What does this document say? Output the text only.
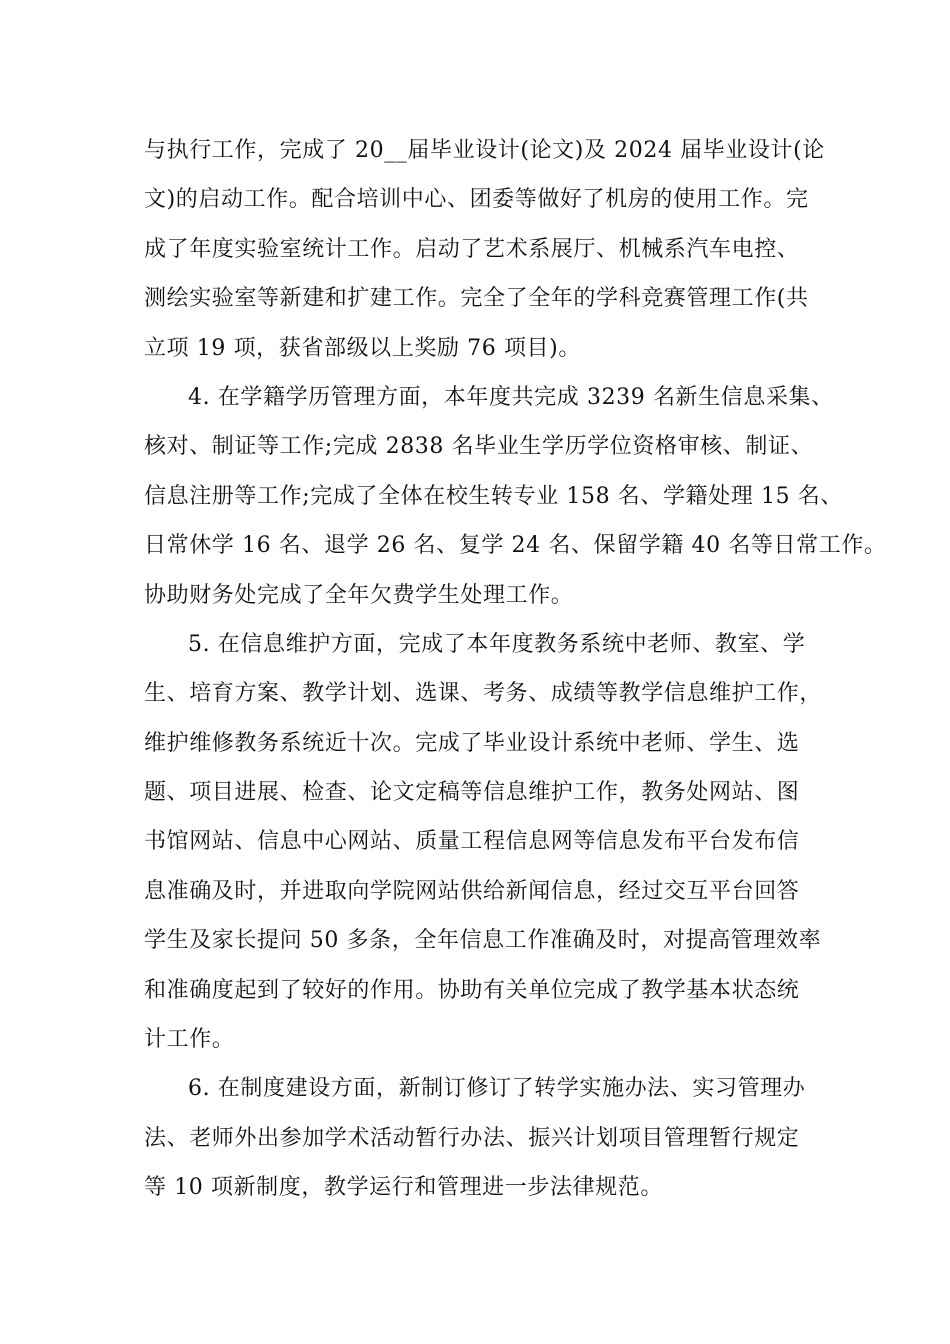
与执行工作，完成了 20__届毕业设计(论文)及 2024 届毕业设计(论
文)的启动工作。配合培训中心、团委等做好了机房的使用工作。完
成了年度实验室统计工作。启动了艺术系展厅、机械系汽车电控、
测绘实验室等新建和扩建工作。完全了全年的学科竞赛管理工作(共
立项 19 项，获省部级以上奖励 76 项目)。
4. 在学籍学历管理方面，本年度共完成 3239 名新生信息采集、
核对、制证等工作;完成 2838 名毕业生学历学位资格审核、制证、
信息注册等工作;完成了全体在校生转专业 158 名、学籍处理 15 名、
日常休学 16 名、退学 26 名、复学 24 名、保留学籍 40 名等日常工作。
协助财务处完成了全年欠费学生处理工作。
5. 在信息维护方面，完成了本年度教务系统中老师、教室、学
生、培育方案、教学计划、选课、考务、成绩等教学信息维护工作，
维护维修教务系统近十次。完成了毕业设计系统中老师、学生、选
题、项目进展、检查、论文定稿等信息维护工作，教务处网站、图
书馆网站、信息中心网站、质量工程信息网等信息发布平台发布信
息准确及时，并进取向学院网站供给新闻信息，经过交互平台回答
学生及家长提问 50 多条，全年信息工作准确及时，对提高管理效率
和准确度起到了较好的作用。协助有关单位完成了教学基本状态统
计工作。
6. 在制度建设方面，新制订修订了转学实施办法、实习管理办
法、老师外出参加学术活动暂行办法、振兴计划项目管理暂行规定
等 10 项新制度，教学运行和管理进一步法律规范。
